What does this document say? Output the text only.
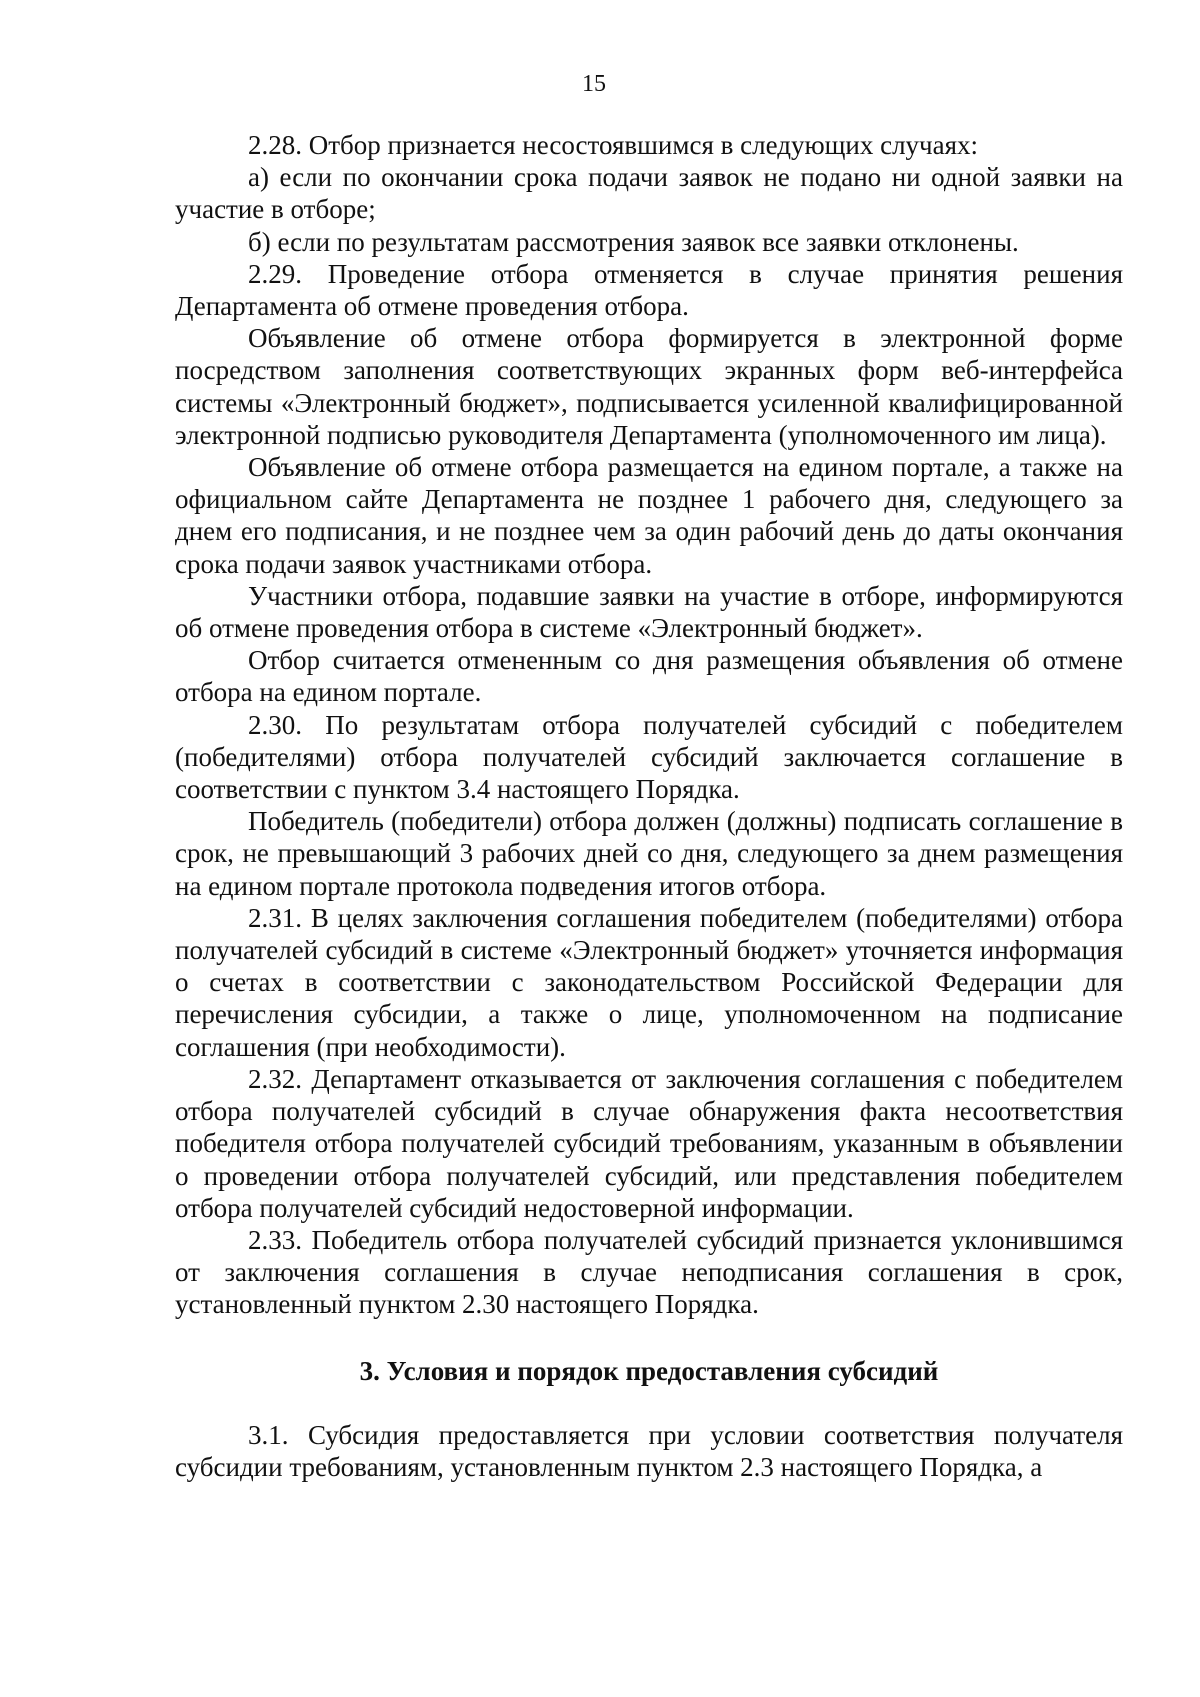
15

2.28. Отбор признается несостоявшимся в следующих случаях:

а) если по окончании срока подачи заявок не подано ни одной заявки на участие в отборе;

б) если по результатам рассмотрения заявок все заявки отклонены.

2.29. Проведение отбора отменяется в случае принятия решения Департамента об отмене проведения отбора.

Объявление об отмене отбора формируется в электронной форме посредством заполнения соответствующих экранных форм веб-интерфейса системы «Электронный бюджет», подписывается усиленной квалифицированной электронной подписью руководителя Департамента (уполномоченного им лица).

Объявление об отмене отбора размещается на едином портале, а также на официальном сайте Департамента не позднее 1 рабочего дня, следующего за днем его подписания, и не позднее чем за один рабочий день до даты окончания срока подачи заявок участниками отбора.

Участники отбора, подавшие заявки на участие в отборе, информируются об отмене проведения отбора в системе «Электронный бюджет».

Отбор считается отмененным со дня размещения объявления об отмене отбора на едином портале.

2.30. По результатам отбора получателей субсидий с победителем (победителями) отбора получателей субсидий заключается соглашение в соответствии с пунктом 3.4 настоящего Порядка.

Победитель (победители) отбора должен (должны) подписать соглашение в срок, не превышающий 3 рабочих дней со дня, следующего за днем размещения на едином портале протокола подведения итогов отбора.

2.31. В целях заключения соглашения победителем (победителями) отбора получателей субсидий в системе «Электронный бюджет» уточняется информация о счетах в соответствии с законодательством Российской Федерации для перечисления субсидии, а также о лице, уполномоченном на подписание соглашения (при необходимости).

2.32. Департамент отказывается от заключения соглашения с победителем отбора получателей субсидий в случае обнаружения факта несоответствия победителя отбора получателей субсидий требованиям, указанным в объявлении о проведении отбора получателей субсидий, или представления победителем отбора получателей субсидий недостоверной информации.

2.33. Победитель отбора получателей субсидий признается уклонившимся от заключения соглашения в случае неподписания соглашения в срок, установленный пунктом 2.30 настоящего Порядка.

3. Условия и порядок предоставления субсидий

3.1. Субсидия предоставляется при условии соответствия получателя субсидии требованиям, установленным пунктом 2.3 настоящего Порядка, а
